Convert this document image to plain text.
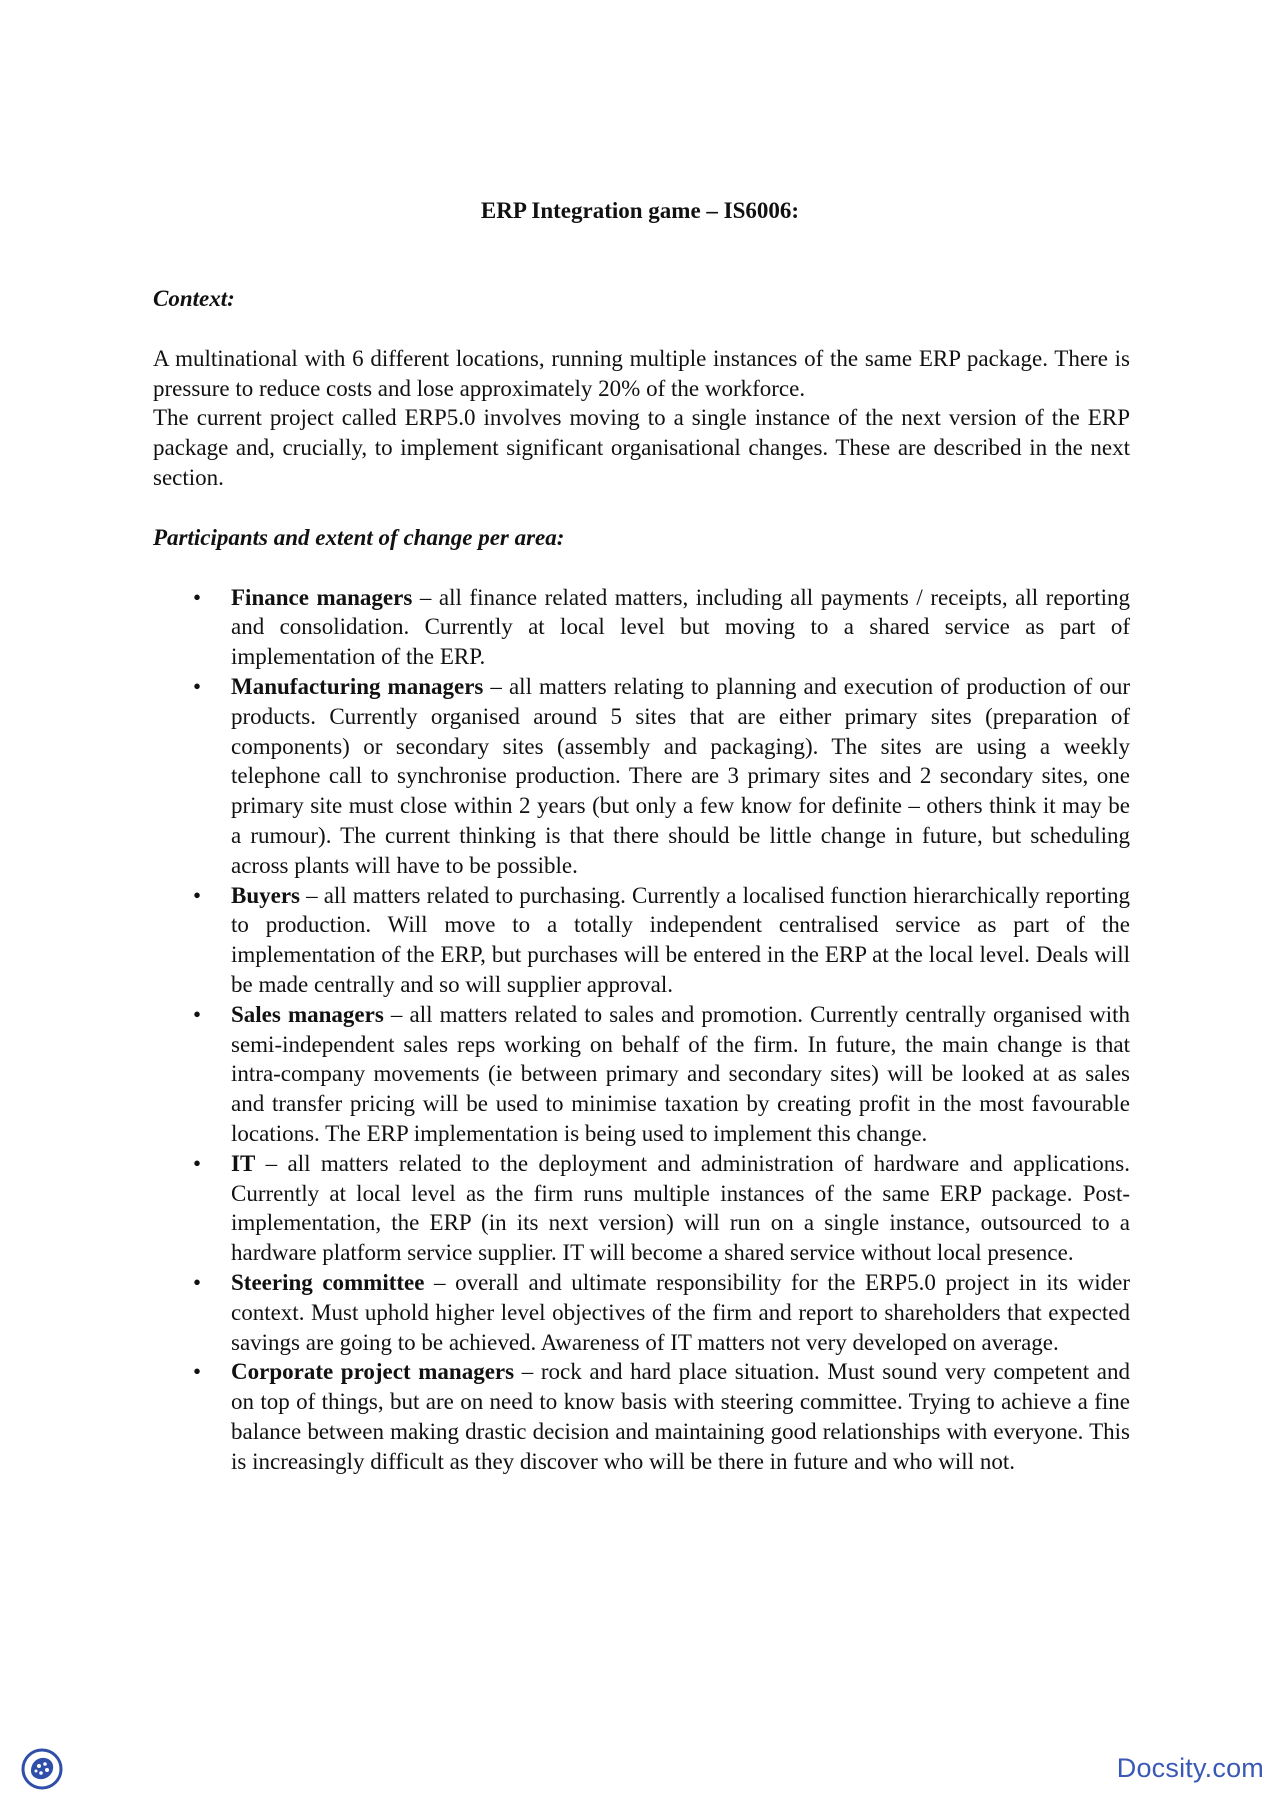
ERP Integration game – IS6006:

Context:

A multinational with 6 different locations, running multiple instances of the same ERP package. There is pressure to reduce costs and lose approximately 20% of the workforce.

The current project called ERP5.0 involves moving to a single instance of the next version of the ERP package and, crucially, to implement significant organisational changes. These are described in the next section.

Participants and extent of change per area:

• Finance managers – all finance related matters, including all payments / receipts, all reporting and consolidation. Currently at local level but moving to a shared service as part of implementation of the ERP.
• Manufacturing managers – all matters relating to planning and execution of production of our products. Currently organised around 5 sites that are either primary sites (preparation of components) or secondary sites (assembly and packaging). The sites are using a weekly telephone call to synchronise production. There are 3 primary sites and 2 secondary sites, one primary site must close within 2 years (but only a few know for definite – others think it may be a rumour). The current thinking is that there should be little change in future, but scheduling across plants will have to be possible.
• Buyers – all matters related to purchasing. Currently a localised function hierarchically reporting to production. Will move to a totally independent centralised service as part of the implementation of the ERP, but purchases will be entered in the ERP at the local level. Deals will be made centrally and so will supplier approval.
• Sales managers – all matters related to sales and promotion. Currently centrally organised with semi-independent sales reps working on behalf of the firm. In future, the main change is that intra-company movements (ie between primary and secondary sites) will be looked at as sales and transfer pricing will be used to minimise taxation by creating profit in the most favourable locations. The ERP implementation is being used to implement this change.
• IT – all matters related to the deployment and administration of hardware and applications. Currently at local level as the firm runs multiple instances of the same ERP package. Post-implementation, the ERP (in its next version) will run on a single instance, outsourced to a hardware platform service supplier. IT will become a shared service without local presence.
• Steering committee – overall and ultimate responsibility for the ERP5.0 project in its wider context. Must uphold higher level objectives of the firm and report to shareholders that expected savings are going to be achieved. Awareness of IT matters not very developed on average.
• Corporate project managers – rock and hard place situation. Must sound very competent and on top of things, but are on need to know basis with steering committee. Trying to achieve a fine balance between making drastic decision and maintaining good relationships with everyone. This is increasingly difficult as they discover who will be there in future and who will not.
Docsity.com
